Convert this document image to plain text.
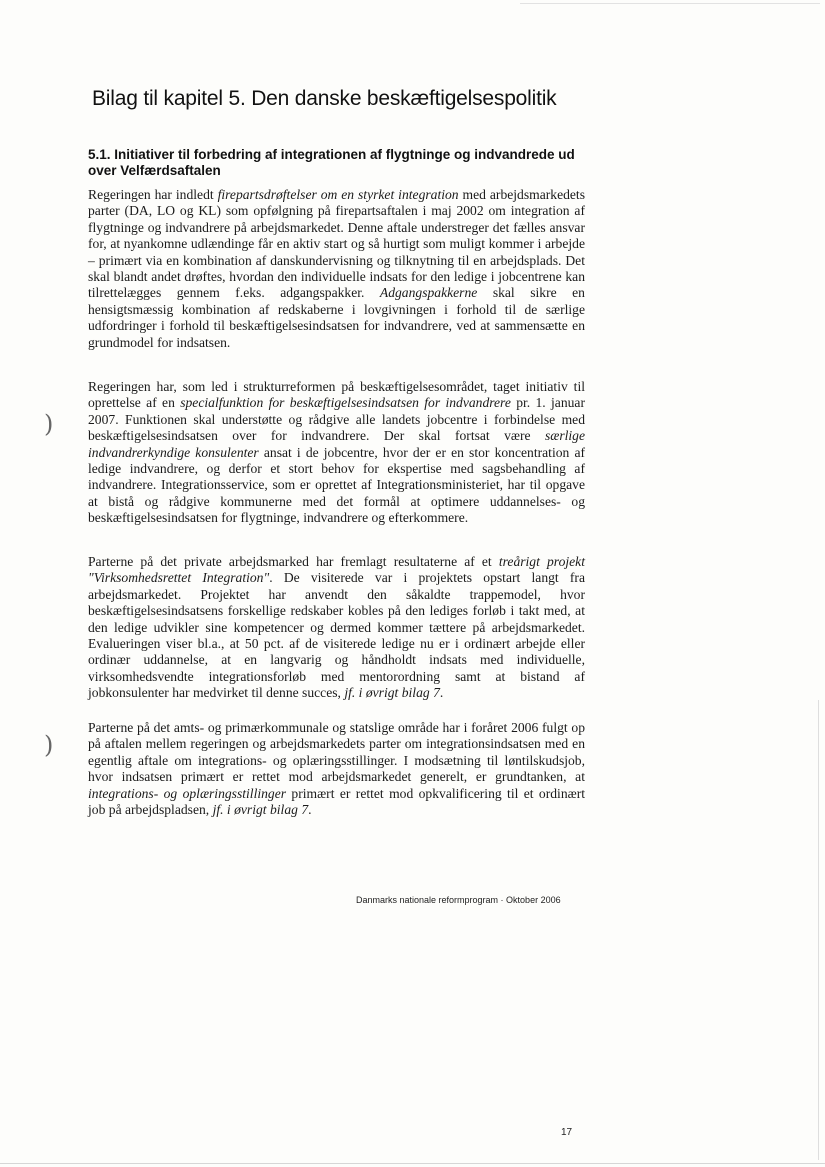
Bilag til kapitel 5. Den danske beskæftigelsespolitik
5.1. Initiativer til forbedring af integrationen af flygtninge og indvandrede ud over Velfærdsaftalen

Regeringen har indledt firepartsdrøftelser om en styrket integration med arbejdsmarkedets parter (DA, LO og KL) som opfølgning på firepartsaftalen i maj 2002 om integration af flygtninge og indvandrere på arbejdsmarkedet. Denne aftale understreger det fælles ansvar for, at nyankomne udlændinge får en aktiv start og så hurtigt som muligt kommer i arbejde – primært via en kombination af danskundervisning og tilknytning til en arbejdsplads. Det skal blandt andet drøftes, hvordan den individuelle indsats for den ledige i jobcentrene kan tilrettelægges gennem f.eks. adgangspakker. Adgangspakkerne skal sikre en hensigtsmæssig kombination af redskaberne i lovgivningen i forhold til de særlige udfordringer i forhold til beskæftigelsesindsatsen for indvandrere, ved at sammensætte en grundmodel for indsatsen.

Regeringen har, som led i strukturreformen på beskæftigelsesområdet, taget initiativ til oprettelse af en specialfunktion for beskæftigelsesindsatsen for indvandrere pr. 1. januar 2007. Funktionen skal understøtte og rådgive alle landets jobcentre i forbindelse med beskæftigelsesindsatsen over for indvandrere. Der skal fortsat være særlige indvandrerkyndige konsulenter ansat i de jobcentre, hvor der er en stor koncentration af ledige indvandrere, og derfor et stort behov for ekspertise med sagsbehandling af indvandrere. Integrationsservice, som er oprettet af Integrationsministeriet, har til opgave at bistå og rådgive kommunerne med det formål at optimere uddannelses- og beskæftigelsesindsatsen for flygtninge, indvandrere og efterkommere.

Parterne på det private arbejdsmarked har fremlagt resultaterne af et treårigt projekt "Virksomhedsrettet Integration". De visiterede var i projektets opstart langt fra arbejdsmarkedet. Projektet har anvendt den såkaldte trappemodel, hvor beskæftigelsesindsatsens forskellige redskaber kobles på den lediges forløb i takt med, at den ledige udvikler sine kompetencer og dermed kommer tættere på arbejdsmarkedet. Evalueringen viser bl.a., at 50 pct. af de visiterede ledige nu er i ordinært arbejde eller ordinær uddannelse, at en langvarig og håndholdt indsats med individuelle, virksomhedsvendte integrationsforløb med mentorordning samt at bistand af jobkonsulenter har medvirket til denne succes, jf. i øvrigt bilag 7.

Parterne på det amts- og primærkommunale og statslige område har i foråret 2006 fulgt op på aftalen mellem regeringen og arbejdsmarkedets parter om integrationsindsatsen med en egentlig aftale om integrations- og oplæringsstillinger. I modsætning til løntilskudsjob, hvor indsatsen primært er rettet mod arbejdsmarkedet generelt, er grundtanken, at integrations- og oplæringsstillinger primært er rettet mod opkvalificering til et ordinært job på arbejdspladsen, jf. i øvrigt bilag 7.

)
)
Danmarks nationale reformprogram · Oktober 2006
17
